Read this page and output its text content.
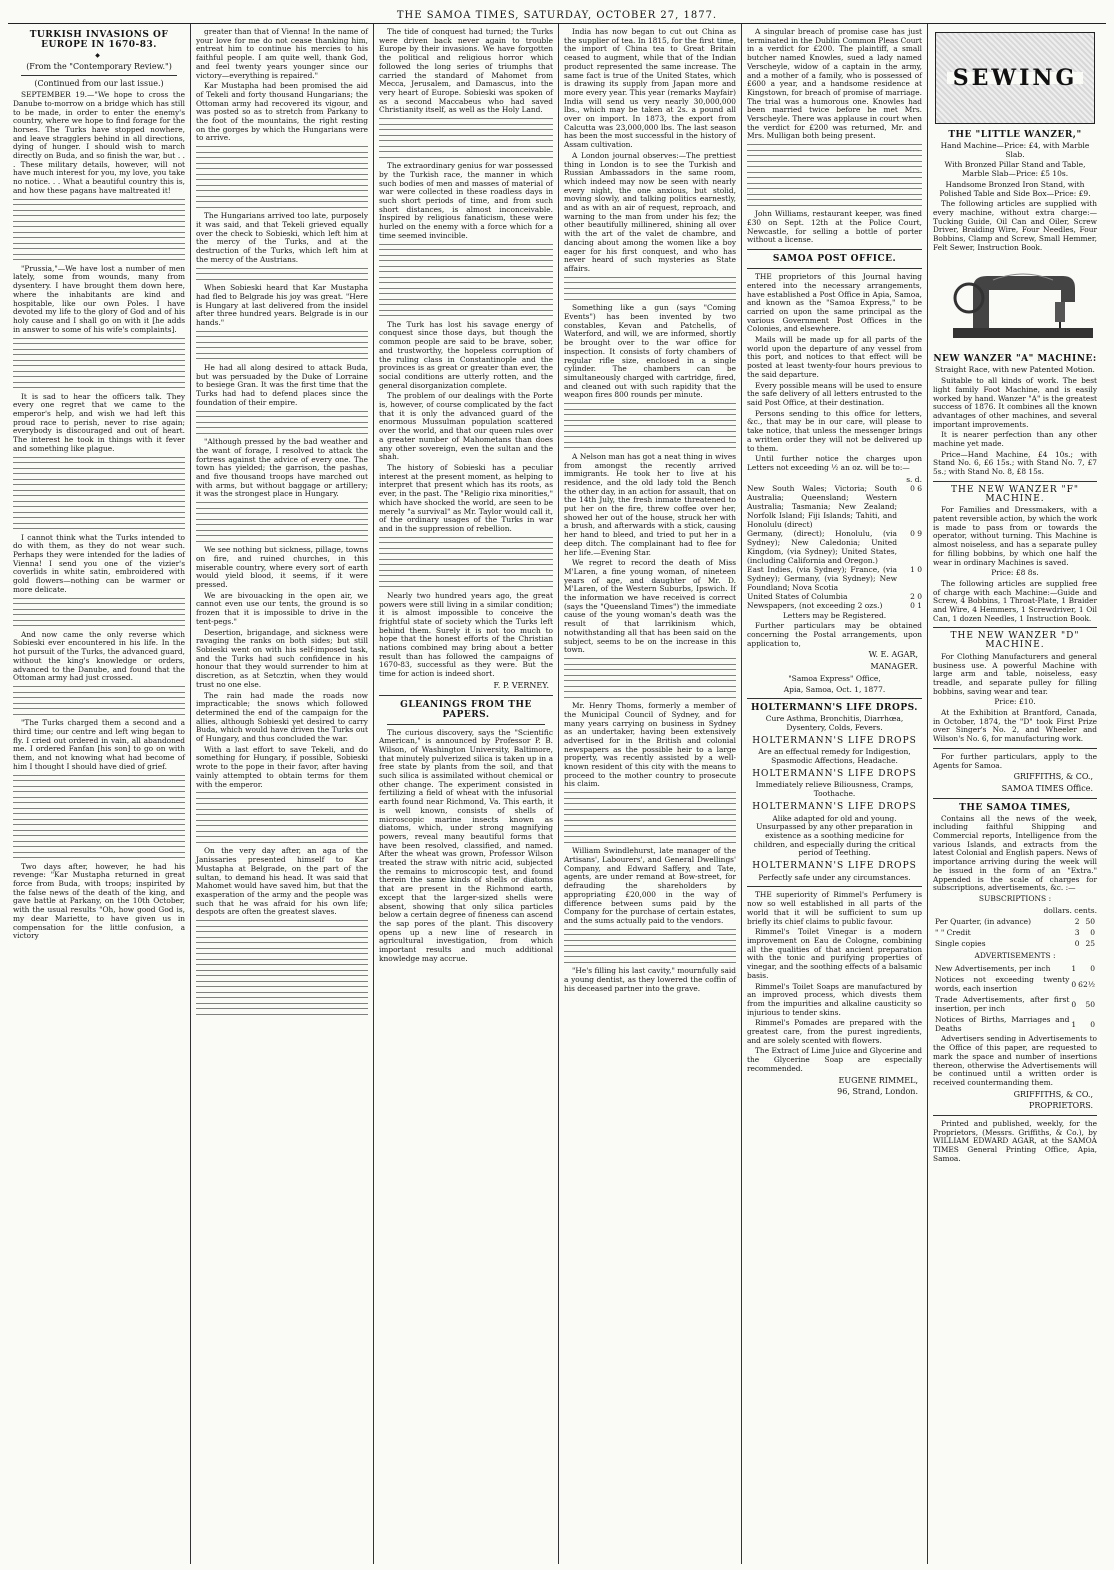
THE SAMOA TIMES, SATURDAY, OCTOBER 27, 1877.
TURKISH INVASIONS OF EUROPE IN 1670-83.
◆
(From the "Contemporary Review.")
(Continued from our last issue.)

SEPTEMBER 19.—"We hope to cross the Danube to-morrow on a bridge which has still to be made, in order to enter the enemy's country, where we hope to find forage for the horses. The Turks have stopped nowhere, and leave stragglers behind in all directions, dying of hunger. I should wish to march directly on Buda, and so finish the war, but . . . These military details, however, will not have much interest for you, my love, you take no notice. . . What a beautiful country this is, and how these pagans have maltreated it!

"Prussia,"—We have lost a number of men lately, some from wounds, many from dysentery. I have brought them down here, where the inhabitants are kind and hospitable, like our own Poles. I have devoted my life to the glory of God and of his holy cause and I shall go on with it [he adds in answer to some of his wife's complaints].

It is sad to hear the officers talk. They every one regret that we came to the emperor's help, and wish we had left this proud race to perish, never to rise again; everybody is discouraged and out of heart. The interest he took in things with it fever and something like plague.

I cannot think what the Turks intended to do with them, as they do not wear such. Perhaps they were intended for the ladies of Vienna! I send you one of the vizier's coverlids in white satin, embroidered with gold flowers—nothing can be warmer or more delicate.

And now came the only reverse which Sobieski ever encountered in his life. In the hot pursuit of the Turks, the advanced guard, without the king's knowledge or orders, advanced to the Danube, and found that the Ottoman army had just crossed.

"The Turks charged them a second and a third time; our centre and left wing began to fly. I cried out ordered in vain, all abandoned me. I ordered Fanfan [his son] to go on with them, and not knowing what had become of him I thought I should have died of grief.

Two days after, however, he had his revenge: "Kar Mustapha returned in great force from Buda, with troops; inspirited by the false news of the death of the king, and gave battle at Parkany, on the 10th October, with the usual results "Oh, how good God is, my dear Mariette, to have given us in compensation for the little confusion, a victory

greater than that of Vienna! In the name of your love for me do not cease thanking him, entreat him to continue his mercies to his faithful people. I am quite well, thank God, and feel twenty years younger since our victory—everything is repaired."

Kar Mustapha had been promised the aid of Tekeli and forty thousand Hungarians; the Ottoman army had recovered its vigour, and was posted so as to stretch from Parkany to the foot of the mountains, the right resting on the gorges by which the Hungarians were to arrive.

The Hungarians arrived too late, purposely it was said, and that Tekeli grieved equally over the check to Sobieski, which left him at the mercy of the Turks, and at the destruction of the Turks, which left him at the mercy of the Austrians.

When Sobieski heard that Kar Mustapha had fled to Belgrade his joy was great. "Here is Hungary at last delivered from the insidel after three hundred years. Belgrade is in our hands."

He had all along desired to attack Buda, but was persuaded by the Duke of Lorraine to besiege Gran. It was the first time that the Turks had had to defend places since the foundation of their empire.

"Although pressed by the bad weather and the want of forage, I resolved to attack the fortress against the advice of every one. The town has yielded; the garrison, the pashas, and five thousand troops have marched out with arms, but without baggage or artillery; it was the strongest place in Hungary.

We see nothing but sickness, pillage, towns on fire, and ruined churches, in this miserable country, where every sort of earth would yield blood, it seems, if it were pressed.

We are bivouacking in the open air, we cannot even use our tents, the ground is so frozen that it is impossible to drive in the tent-pegs."

Desertion, brigandage, and sickness were ravaging the ranks on both sides; but still Sobieski went on with his self-imposed task, and the Turks had such confidence in his honour that they would surrender to him at discretion, as at Setcztin, when they would trust no one else.

The rain had made the roads now impracticable; the snows which followed determined the end of the campaign for the allies, although Sobieski yet desired to carry Buda, which would have driven the Turks out of Hungary, and thus concluded the war.

With a last effort to save Tekeli, and do something for Hungary, if possible, Sobieski wrote to the pope in their favor, after having vainly attempted to obtain terms for them with the emperor.

On the very day after, an aga of the Janissaries presented himself to Kar Mustapha at Belgrade, on the part of the sultan, to demand his head. It was said that Mahomet would have saved him, but that the exasperation of the army and the people was such that he was afraid for his own life; despots are often the greatest slaves.

The tide of conquest had turned; the Turks were driven back never again to trouble Europe by their invasions. We have forgotten the political and religious horror which followed the long series of triumphs that carried the standard of Mahomet from Mecca, Jerusalem, and Damascus, into the very heart of Europe. Sobieski was spoken of as a second Maccabeus who had saved Christianity itself, as well as the Holy Land.

The extraordinary genius for war possessed by the Turkish race, the manner in which such bodies of men and masses of material of war were collected in these roadless days in such short periods of time, and from such short distances, is almost inconceivable. Inspired by religious fanaticism, these were hurled on the enemy with a force which for a time seemed invincible.

The Turk has lost his savage energy of conquest since those days, but though the common people are said to be brave, sober, and trustworthy, the hopeless corruption of the ruling class in Constantinople and the provinces is as great or greater than ever, the social conditions are utterly rotten, and the general disorganization complete.

The problem of our dealings with the Porte is, however, of course complicated by the fact that it is only the advanced guard of the enormous Mussulman population scattered over the world, and that our queen rules over a greater number of Mahometans than does any other sovereign, even the sultan and the shah.

The history of Sobieski has a peculiar interest at the present moment, as helping to interpret that present which has its roots, as ever, in the past. The "Religio rixa minorities," which have shocked the world, are seen to be merely "a survival" as Mr. Taylor would call it, of the ordinary usages of the Turks in war and in the suppression of rebellion.

Nearly two hundred years ago, the great powers were still living in a similar condition; it is almost impossible to conceive the frightful state of society which the Turks left behind them. Surely it is not too much to hope that the honest efforts of the Christian nations combined may bring about a better result than has followed the campaigns of 1670-83, successful as they were. But the time for action is indeed short.

F. P. VERNEY.
GLEANINGS FROM THE PAPERS.

The curious discovery, says the "Scientific American," is announced by Professor P. B. Wilson, of Washington University, Baltimore, that minutely pulverized silica is taken up in a free state by plants from the soil, and that such silica is assimilated without chemical or other change. The experiment consisted in fertilizing a field of wheat with the infusorial earth found near Richmond, Va. This earth, it is well known, consists of shells of microscopic marine insects known as diatoms, which, under strong magnifying powers, reveal many beautiful forms that have been resolved, classified, and named. After the wheat was grown, Professor Wilson treated the straw with nitric acid, subjected the remains to microscopic test, and found therein the same kinds of shells or diatoms that are present in the Richmond earth, except that the larger-sized shells were absent, showing that only silica particles below a certain degree of fineness can ascend the sap pores of the plant. This discovery opens up a new line of research in agricultural investigation, from which important results and much additional knowledge may accrue.

India has now began to cut out China as the supplier of tea. In 1815, for the first time, the import of China tea to Great Britain ceased to augment, while that of the Indian product represented the same increase. The same fact is true of the United States, which is drawing its supply from Japan more and more every year. This year (remarks Mayfair) India will send us very nearly 30,000,000 lbs., which may be taken at 2s. a pound all over on import. In 1873, the export from Calcutta was 23,000,000 lbs. The last season has been the most successful in the history of Assam cultivation.

A London journal observes:—The prettiest thing in London is to see the Turkish and Russian Ambassadors in the same room, which indeed may now be seen with nearly every night, the one anxious, but stolid, moving slowly, and talking politics earnestly, and as with an air of request, reproach, and warning to the man from under his fez; the other beautifully millinered, shining all over with the art of the valet de chambre, and dancing about among the women like a boy eager for his first conquest, and who has never heard of such mysteries as State affairs.

Something like a gun (says "Coming Events") has been invented by two constables, Kevan and Patchells, of Waterford, and will, we are informed, shortly be brought over to the war office for inspection. It consists of forty chambers of regular rifle size, enclosed in a single cylinder. The chambers can be simultaneously charged with cartridge, fired, and cleaned out with such rapidity that the weapon fires 800 rounds per minute.

A Nelson man has got a neat thing in wives from amongst the recently arrived immigrants. He took her to live at his residence, and the old lady told the Bench the other day, in an action for assault, that on the 14th July, the fresh inmate threatened to put her on the fire, threw coffee over her, showed her out of the house, struck her with a brush, and afterwards with a stick, causing her hand to bleed, and tried to put her in a deep ditch. The complainant had to flee for her life.—Evening Star.

We regret to record the death of Miss M'Laren, a fine young woman, of nineteen years of age, and daughter of Mr. D. M'Laren, of the Western Suburbs, Ipswich. If the information we have received is correct (says the "Queensland Times") the immediate cause of the young woman's death was the result of that larrikinism which, notwithstanding all that has been said on the subject, seems to be on the increase in this town.

Mr. Henry Thoms, formerly a member of the Municipal Council of Sydney, and for many years carrying on business in Sydney as an undertaker, having been extensively advertised for in the British and colonial newspapers as the possible heir to a large property, was recently assisted by a well-known resident of this city with the means to proceed to the mother country to prosecute his claim.

William Swindlehurst, late manager of the Artisans', Labourers', and General Dwellings' Company, and Edward Saffery, and Tate, agents, are under remand at Bow-street, for defrauding the shareholders by appropriating £20,000 in the way of difference between sums paid by the Company for the purchase of certain estates, and the sums actually paid to the vendors.

"He's filling his last cavity," mournfully said a young dentist, as they lowered the coffin of his deceased partner into the grave.

A singular breach of promise case has just terminated in the Dublin Common Pleas Court in a verdict for £200. The plaintiff, a small butcher named Knowles, sued a lady named Verscheyle, widow of a captain in the army, and a mother of a family, who is possessed of £600 a year, and a handsome residence at Kingstown, for breach of promise of marriage. The trial was a humorous one. Knowles had been married twice before he met Mrs. Verscheyle. There was applause in court when the verdict for £200 was returned, Mr. and Mrs. Mulligan both being present.

John Williams, restaurant keeper, was fined £30 on Sept. 12th at the Police Court, Newcastle, for selling a bottle of porter without a license.

SAMOA POST OFFICE.

THE proprietors of this Journal having entered into the necessary arrangements, have established a Post Office in Apia, Samoa, and known as the "Samoa Express," to be carried on upon the same principal as the various Government Post Offices in the Colonies, and elsewhere.

Mails will be made up for all parts of the world upon the departure of any vessel from this port, and notices to that effect will be posted at least twenty-four hours previous to the said departure.

Every possible means will be used to ensure the safe delivery of all letters entrusted to the said Post Office, at their destination.

Persons sending to this office for letters, &c., that may be in our care, will please to take notice, that unless the messenger brings a written order they will not be delivered up to them.

Until further notice the charges upon Letters not exceeding ½ an oz. will be to:—

s. d.
New South Wales; Victoria; South Australia; Queensland; Western Australia; Tasmania; New Zealand; Norfolk Island; Fiji Islands; Tahiti, and Honolulu (direct)
0 6
Germany, (direct); Honolulu, (via Sydney); New Caledonia; United Kingdom, (via Sydney); United States, (including California and Oregon.)
0 9
East Indies, (via Sydney); France, (via Sydney); Germany, (via Sydney); New Foundland; Nova Scotia
1 0
United States of Columbia	2 0
Newspapers, (not exceeding 2 ozs.)	0 1
Letters may be Registered.

Further particulars may be obtained concerning the Postal arrangements, upon application to,

W. E. AGAR,
MANAGER.
"Samoa Express" Office,
Apia, Samoa, Oct. 1, 1877.
HOLTERMANN'S LIFE DROPS.
Cure Asthma, Bronchitis, Diarrhœa, Dysentery, Colds, Fevers.
HOLTERMANN'S LIFE DROPS
Are an effectual remedy for Indigestion, Spasmodic Affections, Headache.
HOLTERMANN'S LIFE DROPS
Immediately relieve Biliousness, Cramps, Toothache.
HOLTERMANN'S LIFE DROPS
Alike adapted for old and young. Unsurpassed by any other preparation in existence as a soothing medicine for children, and especially during the critical period of Teething.
HOLTERMANN'S LIFE DROPS
Perfectly safe under any circumstances.

THE superiority of Rimmel's Perfumery is now so well established in all parts of the world that it will be sufficient to sum up briefly its chief claims to public favour.

Rimmel's Toilet Vinegar is a modern improvement on Eau de Cologne, combining all the qualities of that ancient preparation with the tonic and purifying properties of vinegar, and the soothing effects of a balsamic basis.

Rimmel's Toilet Soaps are manufactured by an improved process, which divests them from the impurities and alkaline causticity so injurious to tender skins.

Rimmel's Pomades are prepared with the greatest care, from the purest ingredients, and are solely scented with flowers.

The Extract of Lime Juice and Glycerine and the Glycerine Soap are especially recommended.

EUGENE RIMMEL,
96, Strand, London.
SEWING
THE "LITTLE WANZER,"
Hand Machine—Price: £4, with Marble Slab.
With Bronzed Pillar Stand and Table, Marble Slab—Price: £5 10s.
Handsome Bronzed Iron Stand, with Polished Table and Side Box—Price: £9.

The following articles are supplied with every machine, without extra charge:—Tucking Guide, Oil Can and Oiler, Screw Driver, Braiding Wire, Four Needles, Four Bobbins, Clamp and Screw, Small Hemmer, Felt Sewer, Instruction Book.

NEW WANZER "A" MACHINE:
Straight Race, with new Patented Motion.

Suitable to all kinds of work. The best light family Foot Machine, and is easily worked by hand. Wanzer "A" is the greatest success of 1876. It combines all the known advantages of other machines, and several important improvements.

It is nearer perfection than any other machine yet made.

Price—Hand Machine, £4 10s.; with Stand No. 6, £6 15s.; with Stand No. 7, £7 5s.; with Stand No. 8, £8 15s.

THE NEW WANZER "F" MACHINE.

For Families and Dressmakers, with a patent reversible action, by which the work is made to pass from or towards the operator, without turning. This Machine is almost noiseless, and has a separate pulley for filling bobbins, by which one half the wear in ordinary Machines is saved.

Price: £8 8s.

The following articles are supplied free of charge with each Machine:—Guide and Screw, 4 Bobbins, 1 Throat-Plate, 1 Braider and Wire, 4 Hemmers, 1 Screwdriver, 1 Oil Can, 1 dozen Needles, 1 Instruction Book.

THE NEW WANZER "D" MACHINE.

For Clothing Manufacturers and general business use. A powerful Machine with large arm and table, noiseless, easy treadle, and separate pulley for filling bobbins, saving wear and tear.

Price: £10.

At the Exhibition at Brantford, Canada, in October, 1874, the "D" took First Prize over Singer's No. 2, and Wheeler and Wilson's No. 6, for manufacturing work.

For further particulars, apply to the Agents for Samoa.

GRIFFITHS, & CO.,
SAMOA TIMES Office.
THE SAMOA TIMES,

Contains all the news of the week, including faithful Shipping and Commercial reports, Intelligence from the various Islands, and extracts from the latest Colonial and English papers. News of importance arriving during the week will be issued in the form of an "Extra." Appended is the scale of charges for subscriptions, advertisements, &c. :—

SUBSCRIPTIONS :
dollars. cents.
Per Quarter, (in advance)	2	50
" " Credit	3	0
Single copies	0	25
ADVERTISEMENTS :
New Advertisements, per inch	1	0
Notices not exceeding twenty words, each insertion	0	62½
Trade Advertisements, after first insertion, per inch	0	50
Notices of Births, Marriages and Deaths	1	0

Advertisers sending in Advertisements to the Office of this paper, are requested to mark the space and number of insertions thereon, otherwise the Advertisements will be continued until a written order is received countermanding them.

GRIFFITHS, & CO.,
PROPRIETORS.

Printed and published, weekly, for the Proprietors, (Messrs. Griffiths, & Co.), by WILLIAM EDWARD AGAR, at the SAMOA TIMES General Printing Office, Apia, Samoa.
